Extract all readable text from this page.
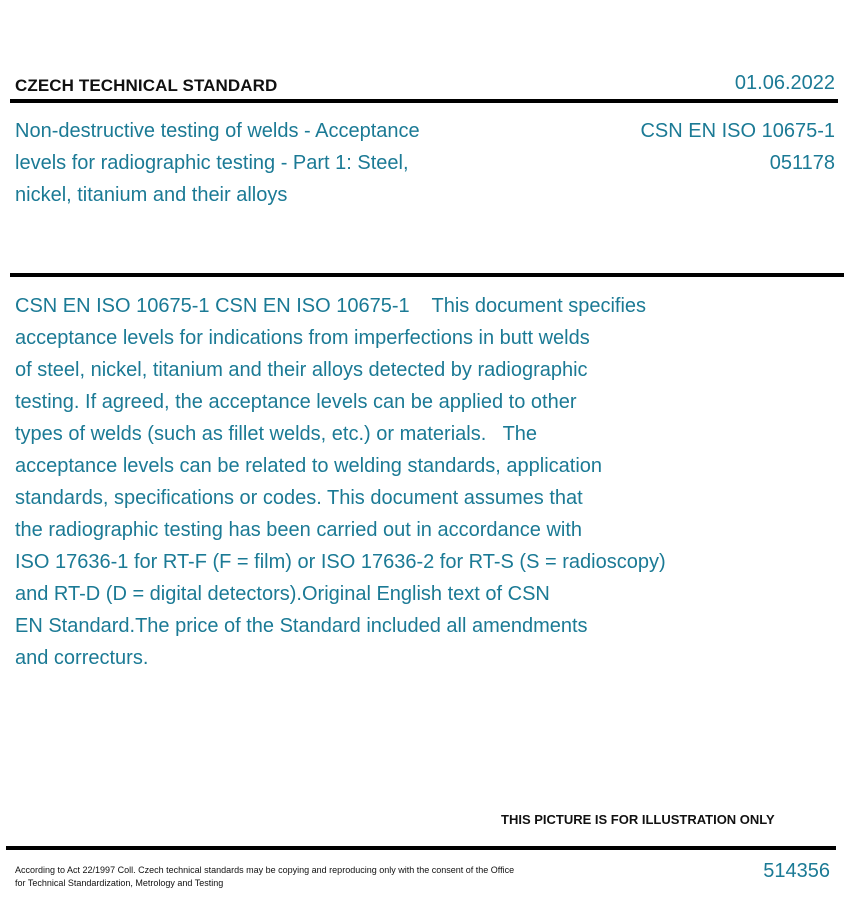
CZECH TECHNICAL STANDARD	01.06.2022
Non-destructive testing of welds - Acceptance
levels for radiographic testing - Part 1: Steel,
nickel, titanium and their alloys
CSN EN ISO 10675-1
051178
CSN EN ISO 10675-1 CSN EN ISO 10675-1    This document specifies
acceptance levels for indications from imperfections in butt welds
of steel, nickel, titanium and their alloys detected by radiographic
testing. If agreed, the acceptance levels can be applied to other
types of welds (such as fillet welds, etc.) or materials.   The
acceptance levels can be related to welding standards, application
standards, specifications or codes. This document assumes that
the radiographic testing has been carried out in accordance with
ISO 17636-1 for RT-F (F = film) or ISO 17636-2 for RT-S (S = radioscopy)
and RT-D (D = digital detectors).Original English text of CSN
EN Standard.The price of the Standard included all amendments
and correcturs.
THIS PICTURE IS FOR ILLUSTRATION ONLY
According to Act 22/1997 Coll. Czech technical standards may be copying and reproducing only with the consent of the Office
for Technical Standardization, Metrology and Testing
514356
